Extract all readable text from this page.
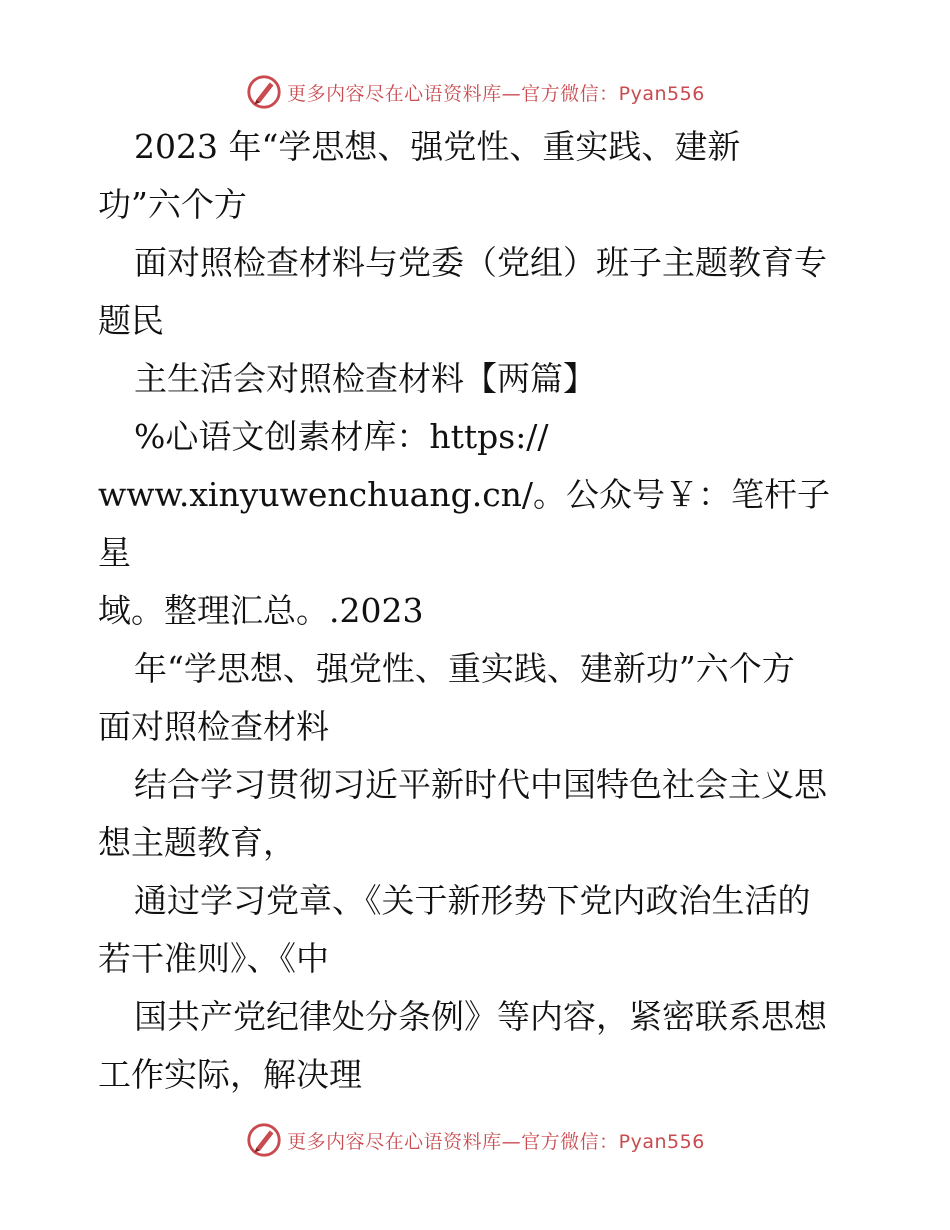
更多内容尽在心语资料库—官方微信：Pyan556

2023 年“学思想、强党性、重实践、建新

功”六个方

面对照检查材料与党委（党组）班子主题教育专

题民

主生活会对照检查材料【两篇】

%心语文创素材库：https://

www.xinyuwenchuang.cn/。公众号￥：笔杆子星

域。整理汇总。.2023

年“学思想、强党性、重实践、建新功”六个方

面对照检查材料

结合学习贯彻习近平新时代中国特色社会主义思

想主题教育，

通过学习党章、《关于新形势下党内政治生活的

若干准则》、《中

国共产党纪律处分条例》等内容，紧密联系思想

工作实际，解决理

更多内容尽在心语资料库—官方微信：Pyan556
